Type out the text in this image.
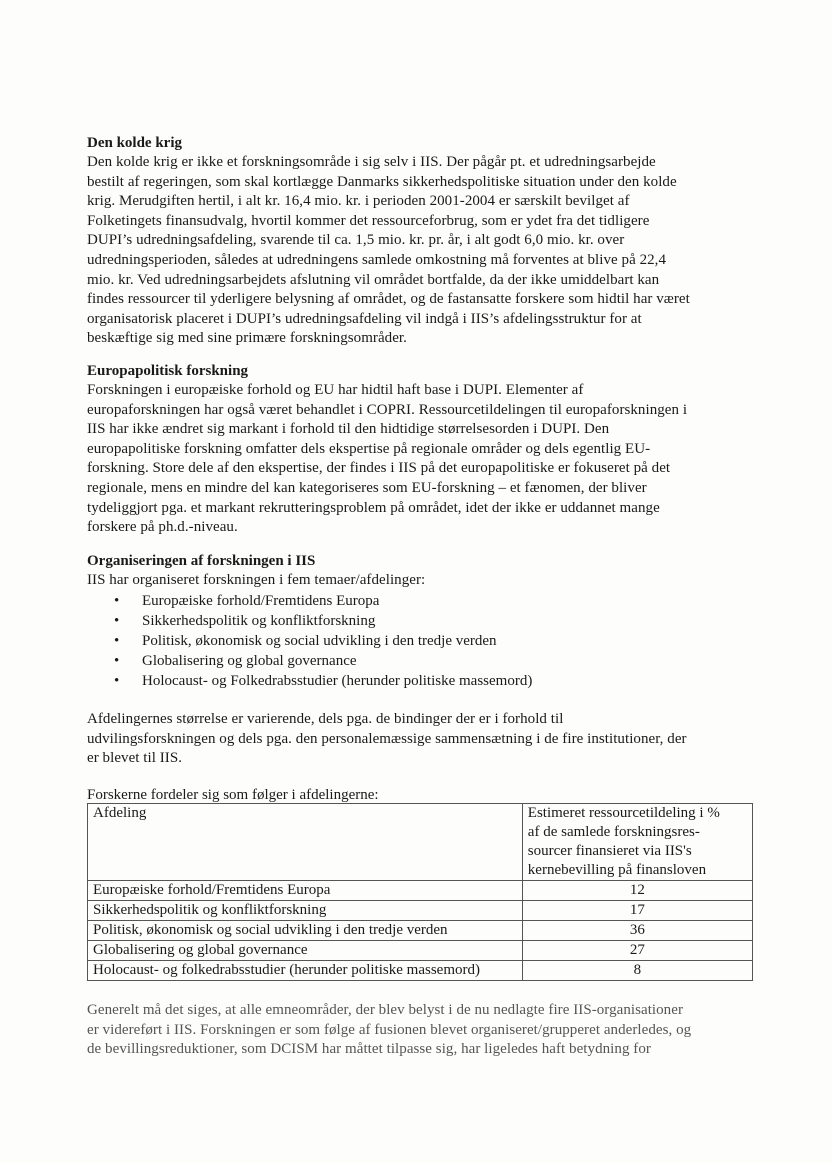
Den kolde krig

Den kolde krig er ikke et forskningsområde i sig selv i IIS. Der pågår pt. et udredningsarbejde

bestilt af regeringen, som skal kortlægge Danmarks sikkerhedspolitiske situation under den kolde

krig. Merudgiften hertil, i alt kr. 16,4 mio. kr. i perioden 2001-2004 er særskilt bevilget af

Folketingets finansudvalg, hvortil kommer det ressourceforbrug, som er ydet fra det tidligere

DUPI’s udredningsafdeling, svarende til ca. 1,5 mio. kr. pr. år, i alt godt 6,0 mio. kr. over

udredningsperioden, således at udredningens samlede omkostning må forventes at blive på 22,4

mio. kr. Ved udredningsarbejdets afslutning vil området bortfalde, da der ikke umiddelbart kan

findes ressourcer til yderligere belysning af området, og de fastansatte forskere som hidtil har været

organisatorisk placeret i DUPI’s udredningsafdeling vil indgå i IIS’s afdelingsstruktur for at

beskæftige sig med sine primære forskningsområder.

Europapolitisk forskning

Forskningen i europæiske forhold og EU har hidtil haft base i DUPI. Elementer af

europaforskningen har også været behandlet i COPRI. Ressourcetildelingen til europaforskningen i

IIS har ikke ændret sig markant i forhold til den hidtidige størrelsesorden i DUPI. Den

europapolitiske forskning omfatter dels ekspertise på regionale områder og dels egentlig EU-

forskning. Store dele af den ekspertise, der findes i IIS på det europapolitiske er fokuseret på det

regionale, mens en mindre del kan kategoriseres som EU-forskning – et fænomen, der bliver

tydeliggjort pga. et markant rekrutteringsproblem på området, idet der ikke er uddannet mange

forskere på ph.d.-niveau.

Organiseringen af forskningen i IIS

IIS har organiseret forskningen i fem temaer/afdelinger:

• Europæiske forhold/Fremtidens Europa
• Sikkerhedspolitik og konfliktforskning
• Politisk, økonomisk og social udvikling i den tredje verden
• Globalisering og global governance
• Holocaust- og Folkedrabsstudier (herunder politiske massemord)

Afdelingernes størrelse er varierende, dels pga. de bindinger der er i forhold til

udvilingsforskningen og dels pga. den personalemæssige sammensætning i de fire institutioner, der

er blevet til IIS.

Forskerne fordeler sig som følger i afdelingerne:
Afdeling	Estimeret ressourcetildeling i %
af de samlede forskningsres-
sourcer finansieret via IIS's
kernebevilling på finansloven

Europæiske forhold/Fremtidens Europa	12
Sikkerhedspolitik og konfliktforskning	17
Politisk, økonomisk og social udvikling i den tredje verden	36
Globalisering og global governance	27
Holocaust- og folkedrabsstudier (herunder politiske massemord)	8

Generelt må det siges, at alle emneområder, der blev belyst i de nu nedlagte fire IIS-organisationer

er videreført i IIS. Forskningen er som følge af fusionen blevet organiseret/grupperet anderledes, og

de bevillingsreduktioner, som DCISM har måttet tilpasse sig, har ligeledes haft betydning for
